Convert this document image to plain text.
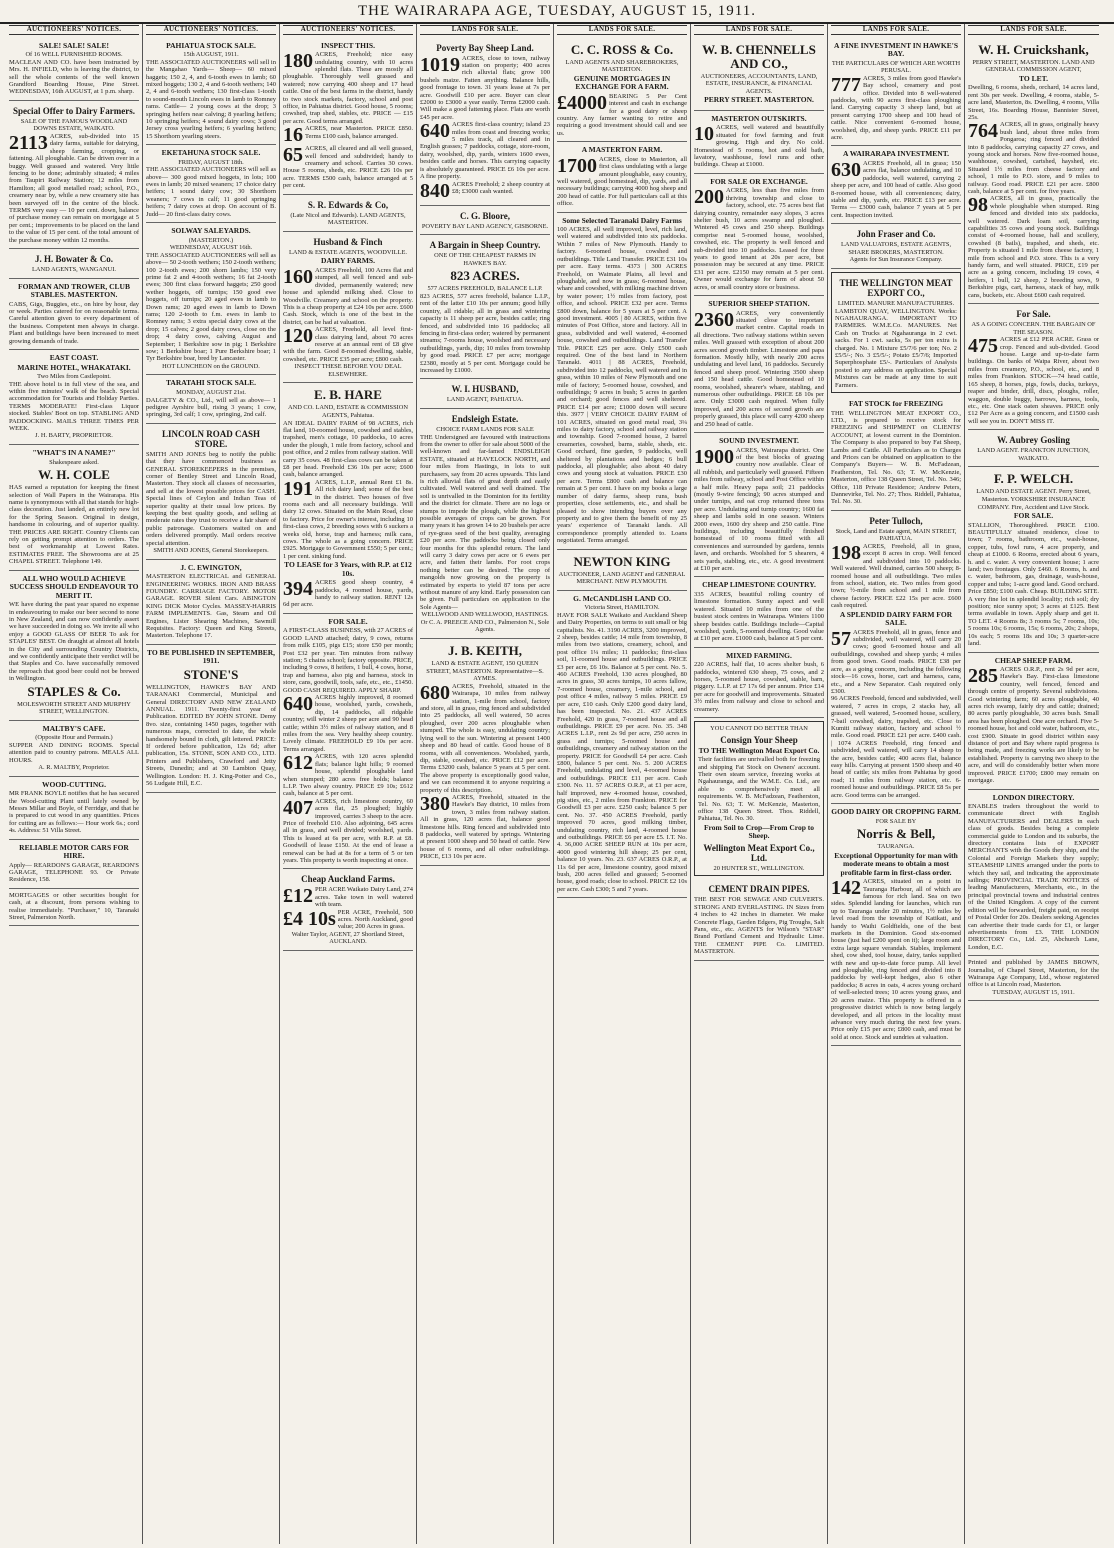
THE WAIRARAPA AGE, TUESDAY, AUGUST 15, 1911.
AUCTIONEERS' NOTICES.
SALE! SALE! SALE!
Of 16 WELL FURNISHED ROOMS.
MACLEAN AND CO. have been instructed by Mrs. H. INFIELD, who is leaving the district, to sell the whole contents of the well known Grandford Boarding House, Pine Street. WEDNESDAY, 16th AUGUST, at 1 p.m. sharp.
Special Offer to Dairy Farmers.
SALE OF THE FAMOUS WOODLAND DOWNS ESTATE, WAIKATO.
2113 ACRES, sub-divided into 15 dairy farms, suitable for dairying, sheep farming, cropping, or fattening. All ploughable. Can be driven over in a buggy. Well grassed and watered. Very little fencing to be done; admirably situated; 4 miles from Taupiri Railway Station; 12 miles from Hamilton; all good metalled road; school, P.O., creamery near by, while a new creamery site has been surveyed off in the centre of the block. TERMS very easy — 10 per cent. down, balance of purchase money can remain on mortgage at 5 per cent.; improvements to be placed on the land to the value of 15 per cent. of the total amount of the purchase money within 12 months.
J. H. Bowater & Co.
LAND AGENTS, WANGANUI.
FORMAN AND TROWER, CLUB STABLES. MASTERTON.
CABS, Gigs, Buggies, etc., on hire by hour, day or week. Parties catered for on reasonable terms. Careful attention given to every department of the business. Competent men always in charge. Plant and buildings have been increased to meet growing demands of trade.
EAST COAST.
MARINE HOTEL, WHAKATAKI.
Two Miles from Castlepoint.
THE above hotel is in full view of the sea, and within five minutes' walk of the beach. Special accommodation for Tourists and Holiday Parties. TERMS MODERATE! First-class Liquor stocked. Stables' Boot on top. STABLING AND PADDOCKING. MAILS THREE TIMES PER WEEK.
J. H. BARTY, PROPRIETOR.
"WHAT'S IN A NAME?"
Shakespeare asked.
W. H. COLE
HAS earned a reputation for keeping the finest selection of Wall Papers in the Wairarapa. His name is synonymous with all that stands for high-class decoration. Just landed, an entirely new lot for the Spring Season. Original in design, handsome in colouring, and of superior quality. THE PRICES ARE RIGHT. Country Clients can rely on getting prompt attention to orders. The best of workmanship at Lowest Rates. ESTIMATES FREE. The Showrooms are at 25 CHAPEL STREET. Telephone 149.
ALL WHO WOULD ACHIEVE SUCCESS SHOULD ENDEAVOUR TO MERIT IT.
WE have during the past year spared no expense in endeavouring to make our beer second to none in New Zealand, and can now confidently assert we have succeeded in doing so. We invite all who enjoy a GOOD GLASS OF BEER To ask for STAPLES' BEST. On draught at almost all hotels in the City and surrounding Country Districts, and we confidently anticipate their verdict will be that Staples and Co. have successfully removed the reproach that good beer could not be brewed in Wellington.
STAPLES & Co.
MOLESWORTH STREET AND MURPHY STREET, WELLINGTON.
MALTBY'S CAFE.
(Opposite Hour and Permain.)
SUPPER AND DINING ROOMS. Special attention paid to country patrons. MEALS ALL HOURS.
A. R. MALTBY, Proprietor.
WOOD-CUTTING.
MR FRANK BOYLE notifies that he has secured the Wood-cutting Plant until lately owned by Messrs Millar and Boyle, of Ferridge, and that he is prepared to cut wood in any quantities. Prices for cutting are as follows:— Hour work 6s.; cord 4s. Address: 51 Villa Street.
RELIABLE MOTOR CARS FOR HIRE.
Apply— REARDON'S GARAGE, REARDON'S GARAGE, TELEPHONE 93. Or Private Residence, 158.
MORTGAGES or other securities bought for cash, at a discount, from persons wishing to realise immediately. "Purchaser," 10, Taranaki Street, Palmerston North.
AUCTIONEERS' NOTICES.
PAHIATUA STOCK SALE.
15th AUGUST, 1911.
THE ASSOCIATED AUCTIONEERS will sell in the Mangahao Yards— Sheep— 60 mixed haggets; 150 2, 4, and 6-tooth ewes in lamb; 60 mixed hoggets; 130 2, 4 and 6-tooth wethers; 140 2, 4 and 6-tooth wethers; 130 first-class 1-tooth to sound-mouth Lincoln ewes in lamb to Romney rams. Cattle— 2 young cows at the drop; 3 springing heifers near calving; 8 yearling heifers; 10 springing heifers; 4 sound dairy cows; 3 good Jersey cross yearling heifers; 6 yearling heifers; 15 Shorthorn yearling steers.
EKETAHUNA STOCK SALE.
FRIDAY, AUGUST 18th.
THE ASSOCIATED AUCTIONEERS will sell as above— 300 good mixed hoggets, in lots; 100 ewes in lamb; 20 mixed weaners; 17 choice dairy heifers; 1 sound dairy cow; 30 Shorthorn weaners; 7 cows in calf; 11 good springing heifers; 7 dairy cows at drop. On account of B. Judd— 20 first-class dairy cows.
SOLWAY SALEYARDS.
(MASTERTON.)
WEDNESDAY, AUGUST 16th.
THE ASSOCIATED AUCTIONEERS will sell as above— 50 2-tooth wethers; 150 2-tooth wethers; 100 2-tooth ewes; 200 shorn lambs; 150 very prime fat 2 and 4-tooth wethers; 16 fat 2-tooth ewes; 300 first class forward haggets; 250 good wether hoggets, off turnips; 150 good ewe hoggets, off turnips; 20 aged ewes in lamb to Down rams; 20 aged ewes in lamb to Down rams; 120 2-tooth to f.m. ewes in lamb to Romney rams; 3 extra special dairy cows at the drop; 15 calves; 2 good dairy cows, close on the drop; 4 dairy cows, calving August and September; 1 Berkshire sow in pig; 1 Berkshire sow; 1 Berkshire boar; 1 Pure Berkshire boar; 1 Tyr Berkshire boar, bred by Lancaster.
HOT LUNCHEON on the GROUND.
TARATAHI STOCK SALE.
MONDAY, AUGUST 21st.
DALGETY & CO., Ltd., will sell as above— 1 pedigree Ayrshire bull, rising 3 years; 1 cow, springing, 3rd calf; 1 cow, springing, 2nd calf.
LINCOLN ROAD CASH STORE.
SMITH AND JONES beg to notify the public that they have commenced business as GENERAL STOREKEEPERS in the premises, corner of Bentley Street and Lincoln Road, Masterton. They stock all classes of necessaries, and sell at the lowest possible prices for CASH. Special lines of Ceylon and Indian Teas of superior quality at their usual low prices. By keeping the best quality goods, and selling at moderate rates they trust to receive a fair share of public patronage. Customers waited on and orders delivered promptly. Mail orders receive special attention.
SMITH AND JONES, General Storekeepers.
J. C. EWINGTON,
MASTERTON ELECTRICAL and GENERAL ENGINEERING WORKS. IRON AND BRASS FOUNDRY. CARRIAGE FACTORY. MOTOR GARAGE. ROVER Silent Cars. ABINGTON KING DICK Motor Cycles. MASSEY-HARRIS FARM IMPLEMENTS. Gas, Steam and Oil Engines, Lister Shearing Machines, Sawmill Requisites. Factory: Queen and King Streets, Masterton. Telephone 17.
TO BE PUBLISHED IN SEPTEMBER, 1911.
STONE'S
WELLINGTON, HAWKE'S BAY AND TARANAKI Commercial, Municipal and General DIRECTORY AND NEW ZEALAND ANNUAL. 1911. Twenty-first year of Publication. EDITED BY JOHN STONE. Demy 8vo. size, containing 1450 pages, together with numerous maps, corrected to date, the whole handsomely bound in cloth, gilt lettered. PRICE: If ordered before publication, 12s 6d; after publication, 15s. STONE, SON AND CO., LTD. Printers and Publishers, Crawford and Jetty Streets, Dunedin; and at 30 Lambton Quay, Wellington. London: H. J. King-Potter and Co., 56 Ludgate Hill, E.C.
AUCTIONEERS' NOTICES.
INSPECT THIS.
180 ACRES, Freehold; nice easy undulating country, with 10 acres splendid flats. These are mostly all ploughable. Thoroughly well grassed and watered; now carrying 400 sheep and 17 head cattle. One of the best farms in the district, handy to two stock markets, factory, school and post office, in Pahiatua district. Good house, 5 rooms; cowshed, trap shed, stables, etc. PRICE — £15 per acre. Good terms arranged.
16 ACRES, near Masterton. PRICE £850. Terms £100 cash, balance arranged.
65 ACRES, all cleared and all well grassed, well fenced and subdivided; handy to creamery and school. Carries 30 cows. House 5 rooms, sheds, etc. PRICE £26 10s per acre. TERMS £500 cash, balance arranged at 5 per cent.
S. R. Edwards & Co,
(Late Nicol and Edwards). LAND AGENTS, MASTERTON.
Husband & Finch
LAND & ESTATE AGENTS, WOODVILLE.
DAIRY FARMS.
160 ACRES Freehold, 100 Acres flat and stumped, all well fenced and sub-divided, permanently watered; new house and splendid milking shed. Close to Woodville. Creamery and school on the property. This is a cheap property at £24 10s per acre. £600 Cash. Stock, which is one of the best in the district, can be had at valuation.
120 ACRES, Freehold, all level first-class dairying land, about 70 acres reserve at an annual rent of £8 give with the farm. Good 8-roomed dwelling, stable, cowshed, etc. PRICE £35 per acre; £800 cash.
INSPECT THESE BEFORE YOU DEAL ELSEWHERE.
E. B. HARE
AND CO. LAND, ESTATE & COMMISSION AGENTS, Pahiatua.
AN IDEAL DAIRY FARM of 98 ACRES, rich flat land, 10-roomed house, cowshed and stables, trapshed, men's cottage, 10 paddocks, 10 acres under the plough, 1 mile from factory, school and post office, and 2 miles from railway station. Will carry 35 cows. 48 first-class cows can be taken at £8 per head. Freehold £36 10s per acre; £600 cash, balance arranged.
191 ACRES, L.I.P., annual Rent £1 8s. All rich dairy land; some of the best in the district. Two houses of five rooms each and all necessary buildings. Will dairy 12 cows. Situated on the Main Road, close to factory. Price for owner's interest, including 10 first-class cows, 2 breeding sows with 6 suckers a weeks old, horse, trap and harness; milk cans, cows. The whole as a going concern. PRICE £925. Mortgage to Government £550; 5 per cent.; 1 per cent. sinking fund.
TO LEASE for 3 Years, with R.P. at £12 10s.
394 ACRES good sheep country, 4 paddocks, 4 roomed house, yards, handy to railway station. RENT 12s 6d per acre.
FOR SALE.
A FIRST-CLASS BUSINESS, with 27 ACRES of GOOD LAND attached; dairy, 9 cows, returns from milk £105, pigs £15; store £50 per month; Post £32 per year. Ten minutes from railway station; 5 chains school; factory opposite. PRICE, including 9 cows, 8 heifers, 1 bull, 4 cows, horse, trap and harness, also pig and harness, stock in store, cans, goodwill, tools, safe, etc., etc., £1450. GOOD CASH REQUIRED. APPLY SHARP.
640 ACRES highly improved, 8 roomed house, woolshed, yards, cowsheds, dip, 14 paddocks, all ridgable country; will winter 2 sheep per acre and 90 head cattle; within 3½ miles of railway station, and 8 miles from the sea. Very healthy sheep country. Lovely climate. FREEHOLD £9 10s per acre. Terms arranged.
612 ACRES, with 120 acres splendid flats; balance light hills; 9 roomed house, splendid ploughable land when stumped; 280 acres free holds; balance L.I.P. Two alway country. PRICE £9 10s; £612 cash, balance at 5 per cent.
407 ACRES, rich limestone country, 60 acres flat, 25 ploughed; highly improved, carries 3 sheep to the acre. Price of freehold £10. Also adjoining, 645 acres all in grass, and well divided; woolshed, yards. This is leased at 6s per acre, with R.P. at £8. Goodwill of lease £150. At the end of lease a renewal can be had at 8s for a term of 5 or ten years. This property is worth inspecting at once.
Cheap Auckland Farms.
£12 PER ACRE Waikato Dairy Land, 274 acres. Take town in well watered with team.
£4 10s PER ACRE, Freehold, 500 acres. North Auckland, good value; 200 Acres in grass.
Walter Taylor, AGENT, 27 Shortland Street, AUCKLAND.
LANDS FOR SALE.
Poverty Bay Sheep Land.
1019 ACRES, close to town, railway station on property; 400 acres rich alluvial flats; grow 100 bushels maize. Fatten anything. Balance hills, good frontage to town. 31 years lease at 7s per acre. Goodwill £10 per acre. Buyer can clear £2000 to £3000 a year easily. Terms £2000 cash. Will make a good fattening place. Flats are worth £45 per acre.
640 ACRES first-class country; island 23 miles from coast and freezing works; 5 miles track, all cleared and in English grasses; 7 paddocks, cottage, store-room, dairy, woolshed, dip, yards, winters 1600 ewes, besides cattle and horses. This carrying capacity is absolutely guaranteed. PRICE £6 10s per acre. A fine property.
840 ACRES Freehold; 2 sheep country at £8; £3000 cash wanted.
C. G. Bloore,
POVERTY BAY LAND AGENCY, GISBORNE.
A Bargain in Sheep Country.
ONE OF THE CHEAPEST FARMS IN HAWKE'S BAY.
823 ACRES.
577 ACRES FREEHOLD, BALANCE L.I.P.
823 ACRES, 577 acres freehold, balance L.I.P., rent of the latter £10 10s per annum; good hilly country, all ridable; all in grass and wintering capacity is 11 sheep per acre, besides cattle; ring fenced, and subdivided into 16 paddocks; all fencing in first-class order; watered by permanent streams; 7-rooms house, woolshed and necessary outbuildings, yards, dip; 10 miles from township by good road. PRICE £7 per acre; mortgage £2380, mostly at 5 per cent. Mortgage could be increased by £1000.
W. I. HUSBAND,
LAND AGENT, PAHIATUA.
Endsleigh Estate.
CHOICE FARM LANDS FOR SALE
THE Undersigned are favoured with instructions from the owner to offer for sale about 5000 of the well-known and far-famed ENDSLEIGH ESTATE, situated at HAVELOCK NORTH, and four miles from Hastings, in lots to suit purchasers, say from 20 acres upwards. This land is rich alluvial flats of great depth and easily cultivated. Well watered and well drained. The soil is unrivalled in the Dominion for its fertility and the district for climate. There are no logs or stumps to impede the plough, while the highest possible averages of crops can be grown. For many years it has grown 14 to 20 bushels per acre of rye-grass seed of the best quality, averaging £20 per acre. The paddocks being closed only four months for this splendid return. The land will carry 3 dairy cows per acre or 6 ewes per acre, and fatten their lambs. For root crops nothing better can be desired. The crop of mangolds now growing on the property is estimated by experts to yield 87 tons per acre without manure of any kind. Early possession can be given. Full particulars on application to the Sole Agents—
WELLWOOD AND WELLWOOD, HASTINGS. Or C. A. PREECE AND CO., Palmerston N., Sole Agents.
J. B. KEITH,
LAND & ESTATE AGENT, 150 QUEEN STREET, MASTERTON. Representative—S. AYMES.
680 ACRES, Freehold, situated in the Wairarapa, 10 miles from railway station, 1-mile from school, factory and store, all in grass, ring fenced and subdivided into 25 paddocks, all well watered, 50 acres ploughed, over 200 acres ploughable when stumped. The whole is easy, undulating country; lying well to the sun. Wintering at present 1400 sheep and 80 head of cattle. Good house of 8 rooms, with all conveniences. Woolshed, yards, dip, stable, cowshed, etc. PRICE £12 per acre. Terms £3200 cash, balance 5 years at 5 per cent. The above property is exceptionally good value, and we can recommend it to anyone requiring a property of this description.
380 ACRES, Freehold, situated in the Hawke's Bay district, 10 miles from town, 3 miles from railway station. All in grass, 120 acres flat, balance good limestone hills. Ring fenced and subdivided into 8 paddocks, well watered by springs. Wintering at present 1000 sheep and 50 head of cattle. New house of 6 rooms, and all other outbuildings. PRICE, £13 10s per acre.
LANDS FOR SALE.
C. C. ROSS & Co.
LAND AGENTS AND SHAREBROKERS, MASTERTON.
GENUINE MORTGAGES IN EXCHANGE FOR A FARM.
£4000 BEARING 5 Per Cent interest and cash in exchange for a good dairy or sheep country. Any farmer wanting to retire and requiring a good investment should call and see us.
A MASTERTON FARM.
1700 ACRES, close to Masterton, all first class undulating with a large amount ploughable, easy country, well watered, good homestead, dip, yards, and all necessary buildings; carrying 4000 hog sheep and 200 head of cattle. For full particulars call at this office.
Some Selected Taranaki Dairy Farms
100 ACRES, all well improved, level, rich land, well watered and subdivided into six paddocks. Within 7 miles of New Plymouth. Handy to factory. 6-roomed house, cowshed and outbuildings. Title Land Transfer. PRICE £31 10s per acre. Easy terms. 4373 | 300 ACRES Freehold, on Waimate Plains, all level and ploughable, and now in grass; 6-roomed house, whare and cowshed, with milking machine driven by water power; 1½ miles from factory, post office, and school. PRICE £32 per acre. Terms £800 down, balance for 5 years at 5 per cent. A good investment. 4005 | 80 ACRES, within five minutes of Post Office, store and factory. All in grass, subdivided and well watered, 4-roomed house, cowshed and outbuildings. Land Transfer Title. PRICE £25 per acre. Only £500 cash required. One of the best land in Northern Taranaki. 4011 | 88 ACRES, Freehold, subdivided into 12 paddocks, well watered and in grass, within 10 miles of New Plymouth and one mile of factory; 5-roomed house, cowshed, and outbuildings; 9 acres in bush; 5 acres in garden and orchard; good fences and well sheltered. PRICE £14 per acre; £1000 down will secure this. 3977 | VERY CHOICE DAIRY FARM of 101 ACRES, situated on good metal road, 3¼ miles to dairy factory, school and railway station and township. Good 7-roomed house, 2 barrel creameries, cowshed, barns, stable, sheds, etc. Good orchard, fine garden, 9 paddocks, well sheltered by plantations and hedges; 6 bull paddocks, all ploughable; also about 40 dairy cows and young stock at valuation. PRICE £30 per acre. Terms £800 cash and balance can remain at 5 per cent. I have on my books a large number of dairy farms, sheep runs, bush properties, close settlements, etc., and shall be pleased to show intending buyers over any property and to give them the benefit of my 25 years' experience of Taranaki lands. All correspondence promptly attended to. Loans negotiated. Terms arranged.
NEWTON KING
AUCTIONEER, LAND AGENT and GENERAL MERCHANT. NEW PLYMOUTH.
G. McCANDLISH LAND CO.
Victoria Street, HAMILTON.
HAVE FOR SALE Waikato and Auckland Sheep and Dairy Properties, on terms to suit small or big capitalists. No. 41. 3190 ACRES, 3200 improved, 2 sheep, besides cattle; 14 mile from township, 8 miles from two stations, creamery, school, and post office 1¼ miles; 11 paddocks; first-class soil, 11-roomed house and outbuildings. PRICE £3 per acre, £6 10s. Balance at 5 per cent. No. 5. 460 ACRES Freehold, 130 acres ploughed, 80 acres in grass, 30 acres turnips, 10 acres fallow, 7-roomed house, creamery, 1-mile school, and post office 4 miles, railway 5 miles. PRICE £9 per acre, £10 cash. Only £200 good dairy land, has been inspected. No. 21. 437 ACRES Freehold, 420 in grass, 7-roomed house and all outbuildings. PRICE £9 per acre. No. 35. 348 ACRES L.I.P., rent 2s 9d per acre, 250 acres in grass and turnips; 5-roomed house and outbuildings, creamery and railway station on the property. PRICE for Goodwill £4 per acre. Cash £800, balance 5 per cent. No. 5. 200 ACRES Freehold, undulating and level, 4-roomed house and outbuildings. PRICE £11 per acre. Cash £300. No. 11. 57 ACRES O.R.P., at £1 per acre, half improved, new 4-roomed house, cowshed, pig sties, etc., 2 miles from Frankton. PRICE for Goodwill £3 per acre. £250 cash; balance 5 per cent. No. 37. 450 ACRES Freehold, partly improved 70 acres, good milking timber, undulating country, rich land, 4-roomed house and outbuildings. PRICE £6 per acre £5. I.T. No. 4. 36,000 ACRE SHEEP RUN at 10s per acre, 4000 good wintering hill sheep; 25 per cent, balance 10 years. No. 23. 637 ACRES O.R.P., at 11s 6d per acre, limestone country, good mixed bush, 200 acres felled and grassed; 5-roomed house, good roads; close to school. PRICE £2 10s per acre. Cash £300; 5 and 7 years.
LANDS FOR SALE.
W. B. CHENNELLS AND CO.,
AUCTIONEERS, ACCOUNTANTS, LAND, ESTATE, INSURANCE, & FINANCIAL AGENTS.
PERRY STREET. MASTERTON.
MASTERTON OUTSKIRTS.
10 ACRES, well watered and beautifully situated for fowl farming and fruit growing. High and dry. No cold. Homestead of 5 rooms, hot and cold bath, lavatory, washhouse, fowl runs and other buildings. Cheap at £1000.
FOR SALE OR EXCHANGE.
200 ACRES, less than five miles from thriving township and close to factory, school, etc. 75 acres best flat dairying country, remainder easy slopes, 3 acres shelter bush, 10 acres swamp and ploughed. Wintered 45 cows and 250 sheep. Buildings comprise neat 5-roomed house, woolshed, cowshed, etc. The property is well fenced and sub-divided into 10 paddocks. Leased for three years to good tenant at 20s per acre, but possession may be secured at any time. PRICE £31 per acre. £2150 may remain at 5 per cent. Owner would exchange for farm of about 50 acres, or small country store or business.
SUPERIOR SHEEP STATION.
2360 ACRES, very conveniently situated close to important market centre. Capital roads in all directions. Two railway stations within seven miles. Well grassed with exception of about 200 acres second growth timber. Limestone and papa formation. Mostly hilly, with nearly 200 acres undulating and level land, 16 paddocks. Securely fenced and sheep proof. Wintering 3500 sheep and 150 head cattle. Good homestead of 10 rooms, woolshed, shearer's whare, stabling, and numerous other outbuildings. PRICE £8 10s per acre. Only £3000 cash required. When fully improved, and 200 acres of second growth are properly grassed, this place will carry 4200 sheep and 250 head of cattle.
SOUND INVESTMENT.
1900 ACRES, Wairarapa district. One of the best blocks of grazing country now available. Clear of all rubbish, and particularly well grassed. Fifteen miles from railway, school and Post Office within a half mile. Heavy papa soil; 21 paddocks (mostly 9-wire fencing); 90 acres stumped and under turnips, and oat crop returned three tons per acre. Undulating and turnip country; 1600 fat sheep and lambs sold in one season. Winters 2000 ewes, 1600 dry sheep and 250 cattle. Fine buildings, including beautifully finished homestead of 10 rooms fitted with all conveniences and surrounded by gardens, tennis lawn, and orchards. Woolshed for 5 shearers, 4 sets yards, stabling, etc., etc. A good investment at £10 per acre.
CHEAP LIMESTONE COUNTRY.
335 ACRES, beautiful rolling country of limestone formation. Sunny aspect and well watered. Situated 10 miles from one of the busiest stock centres in Wairarapa. Winters 1100 sheep besides cattle. Buildings include—Capital woolshed, yards, 5-roomed dwelling. Good value at £10 per acre. £1000 cash, balance at 5 per cent.
MIXED FARMING.
220 ACRES, half flat, 10 acres shelter bush, 6 paddocks, wintered 630 sheep, 75 cows, and 2 horses, 5-roomed house, cowshed, stable, barn, piggery. L.I.P. at £7 17s 6d per annum. Price £14 per acre for goodwill and improvements. Situated 3½ miles from railway and close to school and creamery.
YOU CANNOT DO BETTER THAN
Consign Your Sheep
TO THE Wellington Meat Export Co.
Their facilities are unrivalled both for freezing and shipping Fat Stock on Owners' account. Their own steam service, freezing works at Ngahauranga, and the W.M.E. Co. Ltd., are able to comprehensively meet all requirements. W. B. McFadzean, Featherston, Tel. No. 63; T. W. McKenzie, Masterton, office 138 Queen Street. Thos. Riddell, Pahiatua, Tel. No. 30.
From Soil to Crop—From Crop to Sheep.
Wellington Meat Export Co., Ltd.
20 HUNTER ST., WELLINGTON.
CEMENT DRAIN PIPES.
THE BEST FOR SEWAGE AND CULVERTS. STRONG AND EVERLASTING. IN Sizes from 4 inches to 42 inches in diameter. We make Concrete Flags, Garden Edgers, Pig Troughs, Salt Pans, etc., etc. AGENTS for Wilson's "STAR" Brand Portland Cement and Hydraulic Lime. THE CEMENT PIPE Co. LIMITED. MASTERTON.
LANDS FOR SALE.
A FINE INVESTMENT IN HAWKE'S BAY.
THE PARTICULARS OF WHICH ARE WORTH PERUSAL.
777 ACRES, 3 miles from good Hawke's Bay school, creamery and post office. Divided into 8 well-watered paddocks, with 90 acres first-class ploughing land. Carrying capacity 3 sheep land, but at present carrying 1700 sheep and 100 head of cattle. Nice convenient 6-roomed house, woolshed, dip, and sheep yards. PRICE £11 per acre.
A WAIRARAPA INVESTMENT.
630 ACRES Freehold, all in grass; 150 acres flat, balance undulating, and 10 paddocks, well watered, carrying 2 sheep per acre, and 100 head of cattle. Also good 8-roomed house, with all conveniences; dairy, stable and dip, yards, etc. PRICE £13 per acre. Terms — £3000 cash, balance 7 years at 5 per cent. Inspection invited.
John Fraser and Co.
LAND VALUATORS, ESTATE AGENTS, SHARE BROKERS, MASTERTON.
Agents for Sun Insurance Company.
THE WELLINGTON MEAT EXPORT CO.,
LIMITED. MANURE MANUFACTURERS.
LAMBTON QUAY, WELLINGTON. Works: NGAHAURANGA. IMPORTANT TO FARMERS. W.M.E.Co. MANURES. Net Cash on Trucks at Ngahauranga in 2 cwt. sacks. For 1 cwt. sacks, 5s per ton extra is charged. No. 1 Mixture £5/7/6 per ton; No. 2 £5/5/-; No. 3 £5/5/-; Potato £5/7/6; Imported Superphosphate £5/-. Particulars of Analysis posted to any address on application. Special Mixtures can be made at any time to suit Farmers.
FAT STOCK for FREEZING
THE WELLINGTON MEAT EXPORT CO., LTD., is prepared to receive stock for FREEZING and SHIPMENT on CLIENTS' ACCOUNT, at lowest current in the Dominion. The Company is also prepared to buy Fat Sheep, Lambs and Cattle. All Particulars as to Charges and Prices can be obtained on application to the Company's Buyers— W. B. McFadzean, Featherston, Tel. No. 63; T. W. McKenzie, Masterton, office 138 Queen Street, Tel. No. 346; Office, 118 Private Residence; Andrew Peters, Dannevirke, Tel. No. 27; Thos. Riddell, Pahiatua, Tel. No. 30.
Peter Tulloch,
Stock, Land and Estate agent, MAIN STREET, PAHIATUA.
198 ACRES, Freehold, all in grass, except 8 acres in crop. Well fenced and subdivided into 10 paddocks. Well watered. Well drained, carries 500 sheep; 8-roomed house and all outbuildings. Two miles from school, station, etc. Two miles from good town; ½-mile from school and 1 mile from cheese factory. PRICE £22 15s per acre. £600 cash required.
A SPLENDID DAIRY FARM FOR SALE.
57 ACRES Freehold, all in grass, fence and subdivided, well watered, will carry 20 cows; good 6-roomed house and all outbuildings, cowshed and sheep yards; 4 miles from good town. Good roads. PRICE £38 per acre, as a going concern, including the following stock—16 cows, horse, cart and harness, cans, etc., and a New Separator. Cash required only £300.
96 ACRES Freehold, fenced and subdivided, well watered, 7 acres in crops, 2 stacks hay, all grassed, well watered, 5-roomed house, scullery, 7-bail cowshed, dairy, trapshed, etc. Close to Kumiti railway station, factory and school ½ mile. Good road. PRICE £21 per acre. £400 cash. | 1074 ACRES Freehold, ring fenced and subdivided, well watered, will carry 14 sheep to the acre, besides cattle; 400 acres flat, balance easy hills. Carrying at present 1500 sheep and 40 head of cattle; six miles from Pahiatua by good road; 11 miles from railway station, etc. 6-roomed house and outbuildings. PRICE £8 5s per acre. Good terms can be arranged.
GOOD DAIRY OR CROPPING FARM.
FOR SALE BY
Norris & Bell,
TAURANGA.
Exceptional Opportunity for man with moderate means to obtain a most profitable farm in first-class order.
142 ACRES, situated on a point in Tauranga Harbour, all of which are famous for rich land. Sea on two sides. Splendid landing for launches, which run up to Tauranga under 20 minutes, 1½ miles by level road from the township of Katikati, and handy to Waihi Goldfields, one of the best markets in the Dominion. Good six-roomed house (just had £200 spent on it); large room and extra large square verandah. Stables, implement shed, cow shed, tool house, dairy, tanks supplied with new and up-to-date force pump. All level and ploughable, ring fenced and divided into 8 paddocks by well-kept hedges, also 6 other paddocks; 8 acres in oats, 4 acres young orchard of well-selected trees; 10 acres young grass, and 20 acres maize. This property is offered in a progressive district which is now being largely developed, and all prices in the locality must advance very much during the next few years. Price only £15 per acre; £800 cash, and must be sold at once. Stock and sundries at valuation.
LANDS FOR SALE.
W. H. Cruickshank,
PERRY STREET, MASTERTON. LAND AND GENERAL COMMISSION AGENT,
TO LET.
Dwelling, 6 rooms, sheds, orchard, 14 acres land, rent 30s per week. Dwelling, 4 rooms, stable, 5-acre land, Masterton, 8s. Dwelling, 4 rooms, Villa Street, 16s. Boarding House, Bannister Street, 25s.
764 ACRES, all in grass, originally heavy bush land, about three miles from Pongaroa; ring fenced and divided into 8 paddocks, carrying capacity 27 cows, and young stock and horses. Now five-roomed house, washhouse, cowshed, cartshed, hayshed, etc. Situated 1½ miles from cheese factory and school, 1 mile to P.O. store, and 9 miles to railway. Good road. PRICE £21 per acre. £800 cash, balance at 5 per cent. for five years.
98 ACRES, all in grass, practically the whole ploughable when stumped. Ring fenced and divided into six paddocks, well watered. Dark loam soil, carrying capabilities 35 cows and young stock. Buildings consist of 4-roomed house, hall and scullery, cowshed (8 bails), trapshed, and sheds, etc. Property is situated 1 mile from cheese factory, 1 mile from school and P.O. store. This is a very handy farm, and well situated. PRICE, £19 per acre as a going concern, including 19 cows, 4 heifers, 1 bull, 12 sheep, 2 breeding sows, 9 Berkshire pigs, cart, harness, stack of hay, milk cans, buckets, etc. About £600 cash required.
For Sale.
AS A GOING CONCERN. THE BARGAIN OF THE SEASON.
475 ACRES at £12 PER ACRE. Grass or crop. Fenced and sub-divided. Good house. Large and up-to-date farm buildings. On banks of Waipa River, about two miles from creamery, P.O., school, etc., and 8 miles from Frankton. STOCK—74 head cattle, 165 sheep, 8 horses, pigs, fowls, ducks, turkeys, reaper and binder, drill, discs, ploughs, roller, waggon, double buggy, harrows, harness, tools, etc., etc. One stack oaten sheaves. PRICE only £12 Per Acre as a going concern, and £1500 cash will see you in. DON'T MISS IT.
W. Aubrey Gosling
LAND AGENT. FRANKTON JUNCTION, WAIKATO.
F. P. WELCH.
LAND AND ESTATE AGENT. Perry Street, Masterton. YORKSHIRE INSURANCE COMPANY. Fire, Accident and Live Stock.
FOR SALE.
STALLION, Thoroughbred. PRICE £100. BEAUTIFULLY situated residence, close to town; 7 rooms, bathroom, etc., wash-house, copper, tubs, fowl runs, 4 acre property, and cheap at £1000. 6 Rooms, erected about 6 years, h. and c. water. A very convenient house; 1 acre land; two frontages. Only £460. 6 Rooms, h. and c. water, bathroom, gas, drainage, wash-house, copper and tubs; 1-acre good land. Good orchard. Price £850; £100 cash. Cheap. BUILDING SITE. A very fine lot in splendid locality; rich soil; dry position; nice sunny spot; 3 acres at £125. Best terms available in town. Apply sharp and get it. TO LET. 4 Rooms 8s; 3 rooms 5s; 7 rooms, 10s; 5 rooms 10s; 6 rooms, 15s; 6 rooms, 20s; 2 shops, 10s each; 5 rooms 18s and 10s; 3 quarter-acre land.
CHEAP SHEEP FARM.
285 ACRES O.R.P., rent 2s 9d per acre, Hawke's Bay. First-class limestone country, well fenced, fenced and through centre of property. Several subdivisions. Good wintering farm; 60 acres ploughable, 40 acres rich swamp, fairly dry and cattle; drained; 80 acres partly ploughable, 30 acres bush. Small area has been ploughed. One acre orchard. Five 5-roomed house, hot and cold water, bathroom, etc., cost £900. Situate in good district within easy distance of port and Bay where rapid progress is being made, and freezing works are likely to be established. Property is carrying two sheep to the acre, and will do considerably better when more improved. PRICE £1700; £800 may remain on mortgage.
LONDON DIRECTORY.
ENABLES traders throughout the world to communicate direct with English MANUFACTURERS and DEALERS in each class of goods. Besides being a complete commercial guide to London and its suburbs, the directory contains lists of EXPORT MERCHANTS with the Goods they ship, and the Colonial and Foreign Markets they supply; STEAMSHIP LINES arranged under the ports to which they sail, and indicating the approximate sailings; PROVINCIAL TRADE NOTICES of leading Manufacturers, Merchants, etc., in the principal provincial towns and industrial centres of the United Kingdom. A copy of the current edition will be forwarded, freight paid, on receipt of Postal Order for 20s. Dealers seeking Agencies can advertise their trade cards for £1, or larger advertisements from £3. THE LONDON DIRECTORY Co., Ltd. 25, Abchurch Lane, London, E.C.
Printed and published by JAMES BROWN, Journalist, of Chapel Street, Masterton, for the Wairarapa Age Company, Ltd., whose registered office is at Lincoln road, Masterton.
TUESDAY, AUGUST 15, 1911.
